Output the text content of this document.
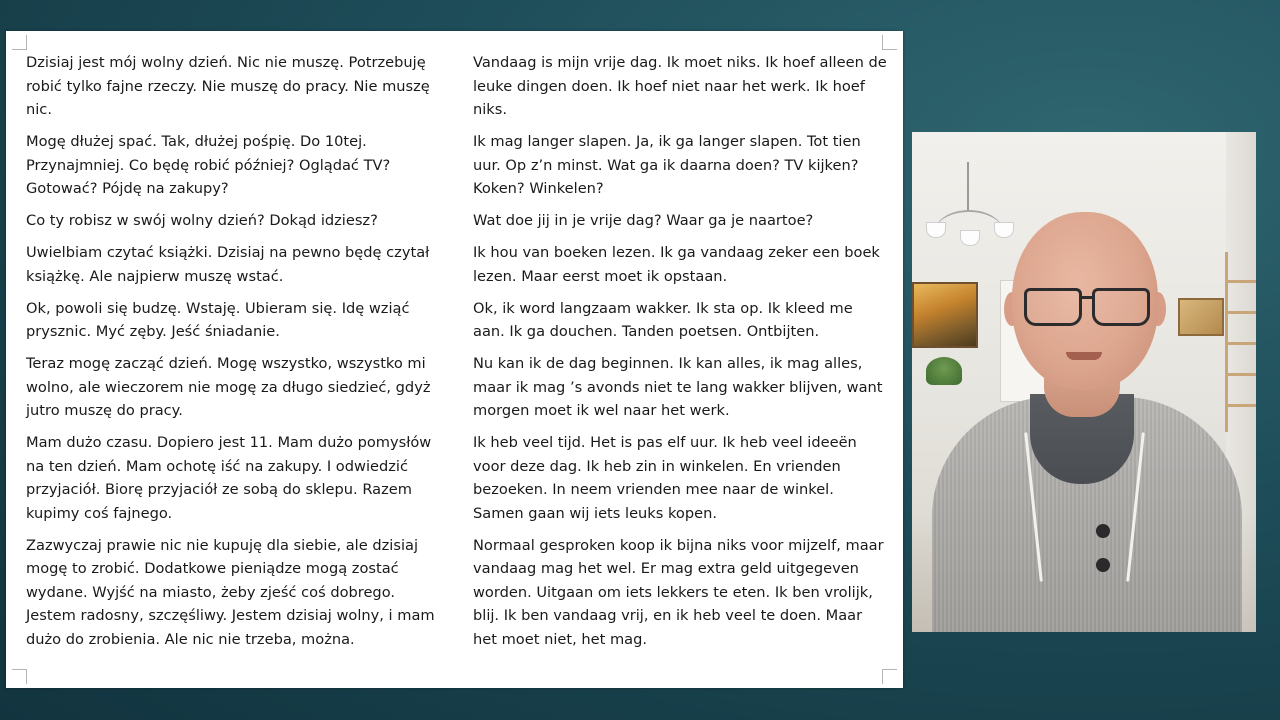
Dzisiaj jest mój wolny dzień. Nic nie muszę. Potrzebuję robić tylko fajne rzeczy. Nie muszę do pracy. Nie muszę nic.

Mogę dłużej spać. Tak, dłużej pośpię. Do 10tej. Przynajmniej. Co będę robić później? Oglądać TV? Gotować? Pójdę na zakupy?

Co ty robisz w swój wolny dzień? Dokąd idziesz?

Uwielbiam czytać książki. Dzisiaj na pewno będę czytał książkę. Ale najpierw muszę wstać.

Ok, powoli się budzę. Wstaję. Ubieram się. Idę wziąć prysznic. Myć zęby. Jeść śniadanie.

Teraz mogę zacząć dzień. Mogę wszystko, wszystko mi wolno, ale wieczorem nie mogę za długo siedzieć, gdyż jutro muszę do pracy.

Mam dużo czasu. Dopiero jest 11. Mam dużo pomysłów na ten dzień. Mam ochotę iść na zakupy. I odwiedzić przyjaciół. Biorę przyjaciół ze sobą do sklepu. Razem kupimy coś fajnego.

Zazwyczaj prawie nic nie kupuję dla siebie, ale dzisiaj mogę to zrobić. Dodatkowe pieniądze mogą zostać wydane. Wyjść na miasto, żeby zjeść coś dobrego. Jestem radosny, szczęśliwy. Jestem dzisiaj wolny, i mam dużo do zrobienia. Ale nic nie trzeba, można.

Vandaag is mijn vrije dag. Ik moet niks. Ik hoef alleen de leuke dingen doen. Ik hoef niet naar het werk. Ik hoef niks.

Ik mag langer slapen. Ja, ik ga langer slapen. Tot tien uur. Op z’n minst. Wat ga ik daarna doen? TV kijken? Koken? Winkelen?

Wat doe jij in je vrije dag? Waar ga je naartoe?

Ik hou van boeken lezen. Ik ga vandaag zeker een boek lezen. Maar eerst moet ik opstaan.

Ok, ik word langzaam wakker. Ik sta op. Ik kleed me aan. Ik ga douchen. Tanden poetsen. Ontbijten.

Nu kan ik de dag beginnen. Ik kan alles, ik mag alles, maar ik mag ’s avonds niet te lang wakker blijven, want morgen moet ik wel naar het werk.

Ik heb veel tijd. Het is pas elf uur. Ik heb veel ideeën voor deze dag. Ik heb zin in winkelen. En vrienden bezoeken. In neem vrienden mee naar de winkel. Samen gaan wij iets leuks kopen.

Normaal gesproken koop ik bijna niks voor mijzelf, maar vandaag mag het wel. Er mag extra geld uitgegeven worden. Uitgaan om iets lekkers te eten. Ik ben vrolijk, blij. Ik ben vandaag vrij, en ik heb veel te doen. Maar het moet niet, het mag.
